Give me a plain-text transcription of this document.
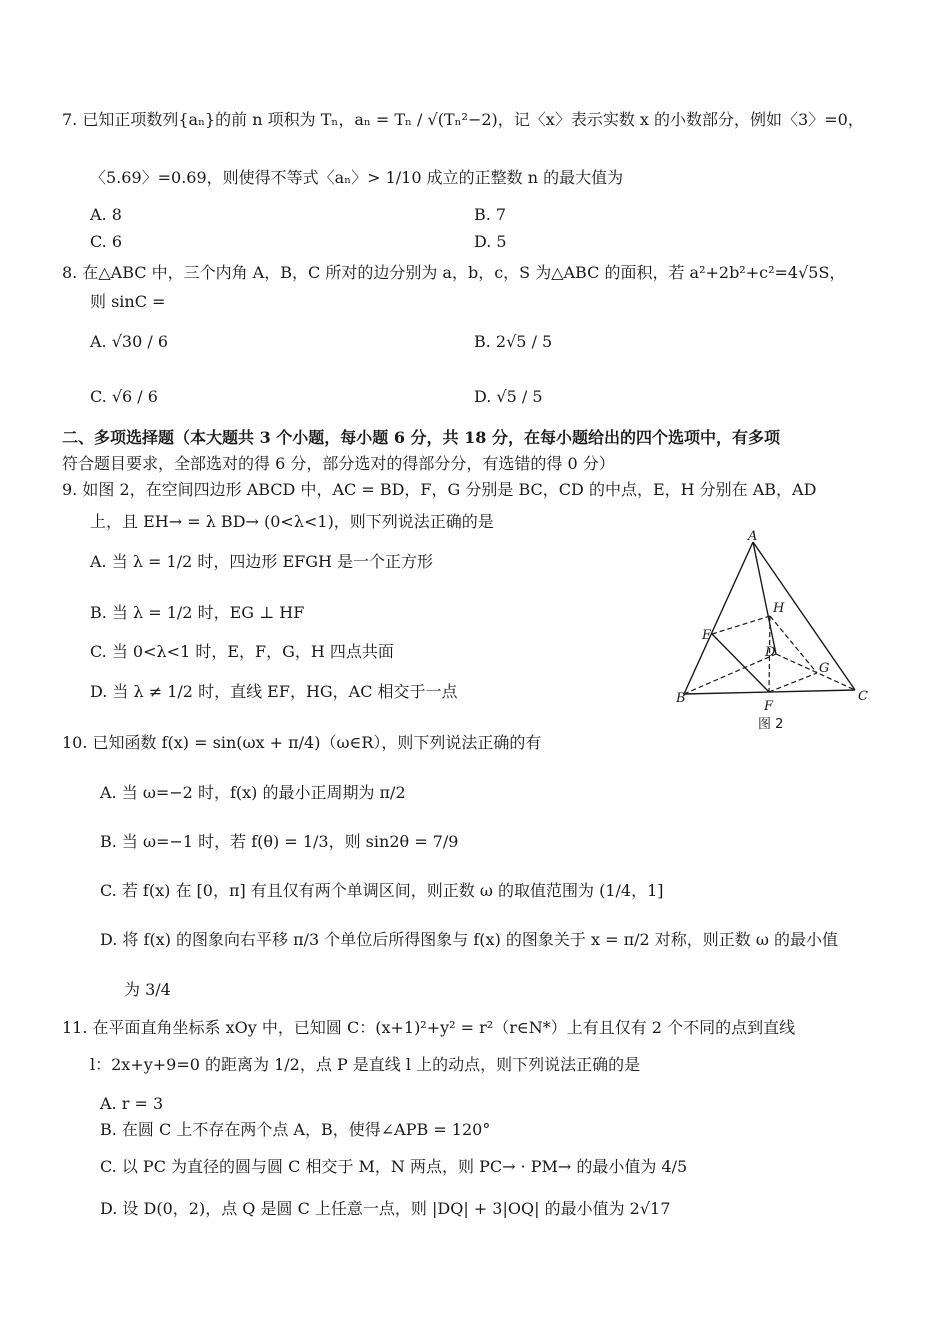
7. 已知正项数列{aₙ}的前 n 项积为 Tₙ，aₙ = Tₙ / √(Tₙ²−2)，记〈x〉表示实数 x 的小数部分，例如〈3〉=0，
〈5.69〉=0.69，则使得不等式〈aₙ〉> 1/10 成立的正整数 n 的最大值为
A. 8	B. 7
C. 6	D. 5
8. 在△ABC 中，三个内角 A，B，C 所对的边分别为 a，b，c，S 为△ABC 的面积，若 a²+2b²+c²=4√5S，
则 sinC =
A. √30 / 6	B. 2√5 / 5
C. √6 / 6	D. √5 / 5
二、多项选择题（本大题共 3 个小题，每小题 6 分，共 18 分，在每小题给出的四个选项中，有多项
符合题目要求，全部选对的得 6 分，部分选对的得部分分，有选错的得 0 分）
9. 如图 2，在空间四边形 ABCD 中，AC = BD，F，G 分别是 BC，CD 的中点，E，H 分别在 AB，AD
上，且 EH→ = λ BD→ (0<λ<1)，则下列说法正确的是
A. 当 λ = 1/2 时，四边形 EFGH 是一个正方形
B. 当 λ = 1/2 时，EG ⊥ HF
C. 当 0<λ<1 时，E，F，G，H 四点共面
D. 当 λ ≠ 1/2 时，直线 EF，HG，AC 相交于一点
A
B	C
D
E
F
G
H
图 2
10. 已知函数 f(x) = sin(ωx + π/4)（ω∈R），则下列说法正确的有
A. 当 ω=−2 时，f(x) 的最小正周期为 π/2
B. 当 ω=−1 时，若 f(θ) = 1/3，则 sin2θ = 7/9
C. 若 f(x) 在 [0，π] 有且仅有两个单调区间，则正数 ω 的取值范围为 (1/4，1]
D. 将 f(x) 的图象向右平移 π/3 个单位后所得图象与 f(x) 的图象关于 x = π/2 对称，则正数 ω 的最小值
为 3/4
11. 在平面直角坐标系 xOy 中，已知圆 C：(x+1)²+y² = r²（r∈N*）上有且仅有 2 个不同的点到直线
l：2x+y+9=0 的距离为 1/2，点 P 是直线 l 上的动点，则下列说法正确的是
A. r = 3
B. 在圆 C 上不存在两个点 A，B，使得∠APB = 120°
C. 以 PC 为直径的圆与圆 C 相交于 M，N 两点，则 PC→ · PM→ 的最小值为 4/5
D. 设 D(0，2)，点 Q 是圆 C 上任意一点，则 |DQ| + 3|OQ| 的最小值为 2√17
